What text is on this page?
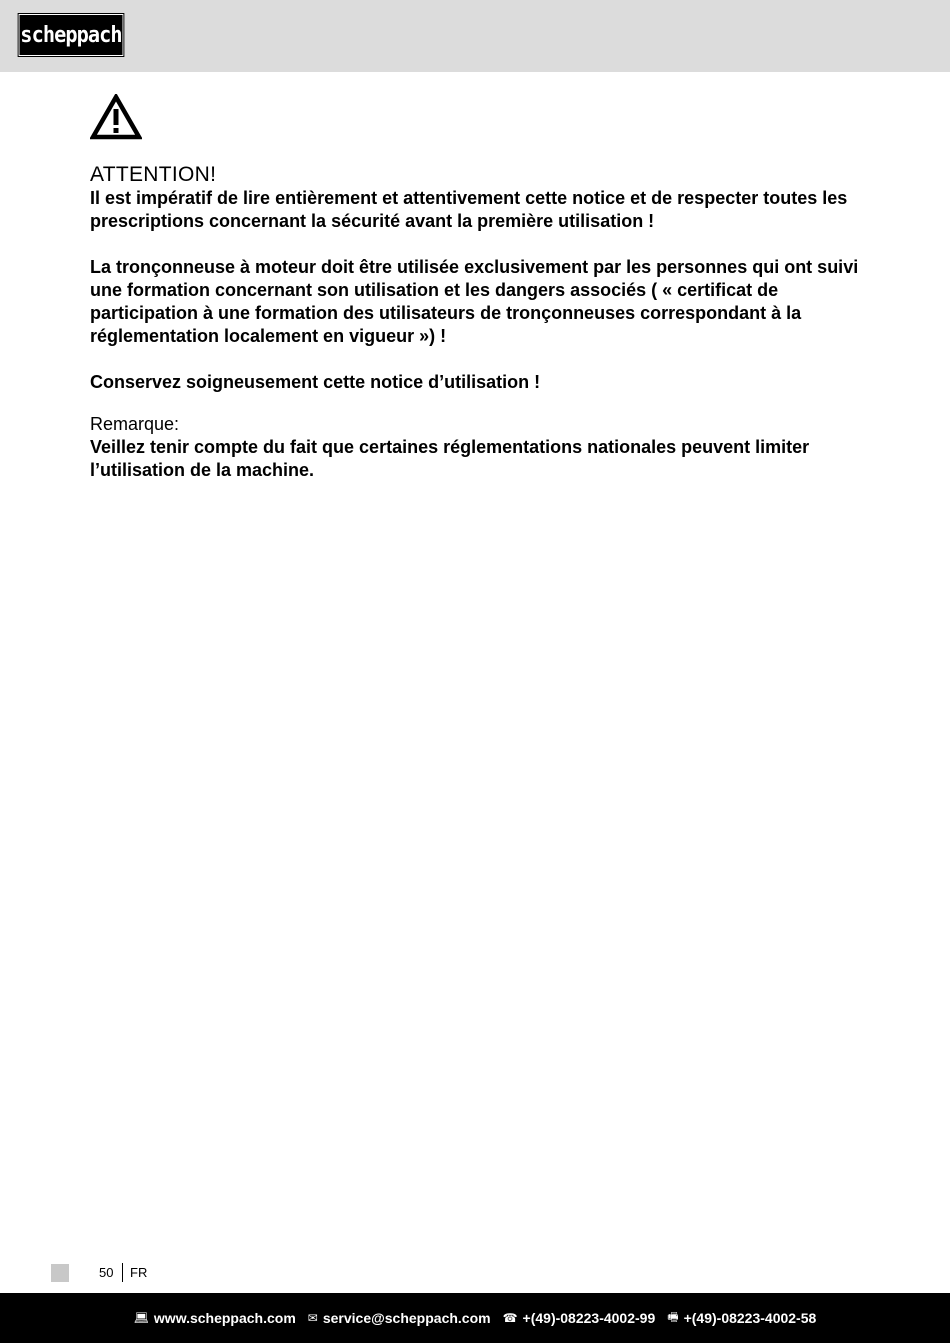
scheppach
ATTENTION!

Il est impératif de lire entièrement et attentivement cette notice et de respecter toutes les prescriptions concernant la sécurité avant la première utilisation !

La tronçonneuse à moteur doit être utilisée exclusivement par les personnes qui ont suivi une formation concernant son utilisation et les dangers associés ( « certificat de participation à une formation des utilisateurs de tronçonneuses correspondant à la réglementation localement en vigueur ») !

Conservez soigneusement cette notice d’utilisation !

Remarque:

Veillez tenir compte du fait que certaines réglementations nationales peuvent limiter l’utilisation de la machine.

50 FR
💻︎ www.scheppach.com ✉︎ service@scheppach.com ☎︎ +(49)-08223-4002-99 🖷︎ +(49)-08223-4002-58
